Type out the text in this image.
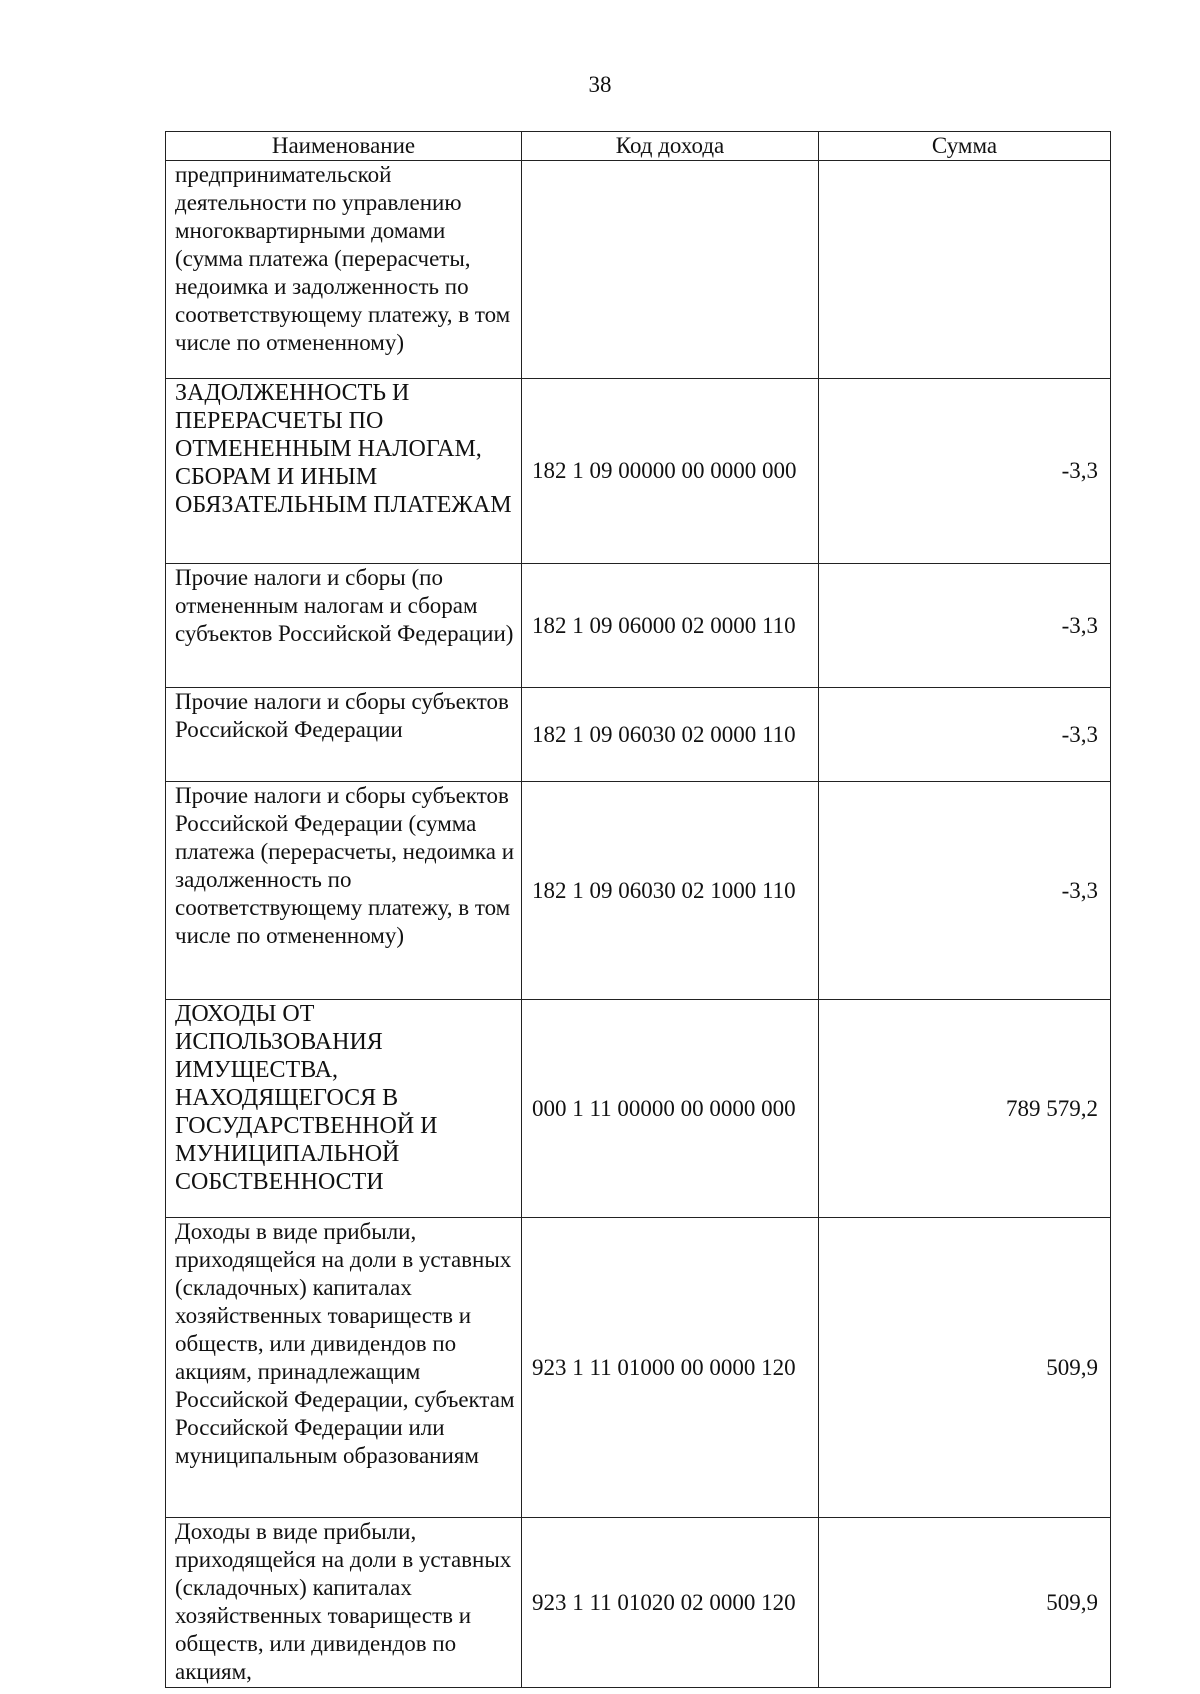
38
Наименование	Код дохода	Сумма
предпринимательской деятельности по управлению многоквартирными домами (сумма платежа (перерасчеты, недоимка и задолженность по соответствующему платежу, в том числе по отмененному)		
ЗАДОЛЖЕННОСТЬ И ПЕРЕРАСЧЕТЫ ПО ОТМЕНЕННЫМ НАЛОГАМ, СБОРАМ И ИНЫМ ОБЯЗАТЕЛЬНЫМ ПЛАТЕЖАМ	182 1 09 00000 00 0000 000	-3,3
Прочие налоги и сборы (по отмененным налогам и сборам субъектов Российской Федерации)	182 1 09 06000 02 0000 110	-3,3
Прочие налоги и сборы субъектов Российской Федерации	182 1 09 06030 02 0000 110	-3,3
Прочие налоги и сборы субъектов Российской Федерации (сумма платежа (перерасчеты, недоимка и задолженность по соответствующему платежу, в том числе по отмененному)	182 1 09 06030 02 1000 110	-3,3
ДОХОДЫ ОТ ИСПОЛЬЗОВАНИЯ ИМУЩЕСТВА, НАХОДЯЩЕГОСЯ В ГОСУДАРСТВЕННОЙ И МУНИЦИПАЛЬНОЙ СОБСТВЕННОСТИ	000 1 11 00000 00 0000 000	789 579,2
Доходы в виде прибыли, приходящейся на доли в уставных (складочных) капиталах хозяйственных товариществ и обществ, или дивидендов по акциям, принадлежащим Российской Федерации, субъектам Российской Федерации или муниципальным образованиям	923 1 11 01000 00 0000 120	509,9
Доходы в виде прибыли, приходящейся на доли в уставных (складочных) капиталах хозяйственных товариществ и обществ, или дивидендов по акциям,	923 1 11 01020 02 0000 120	509,9
